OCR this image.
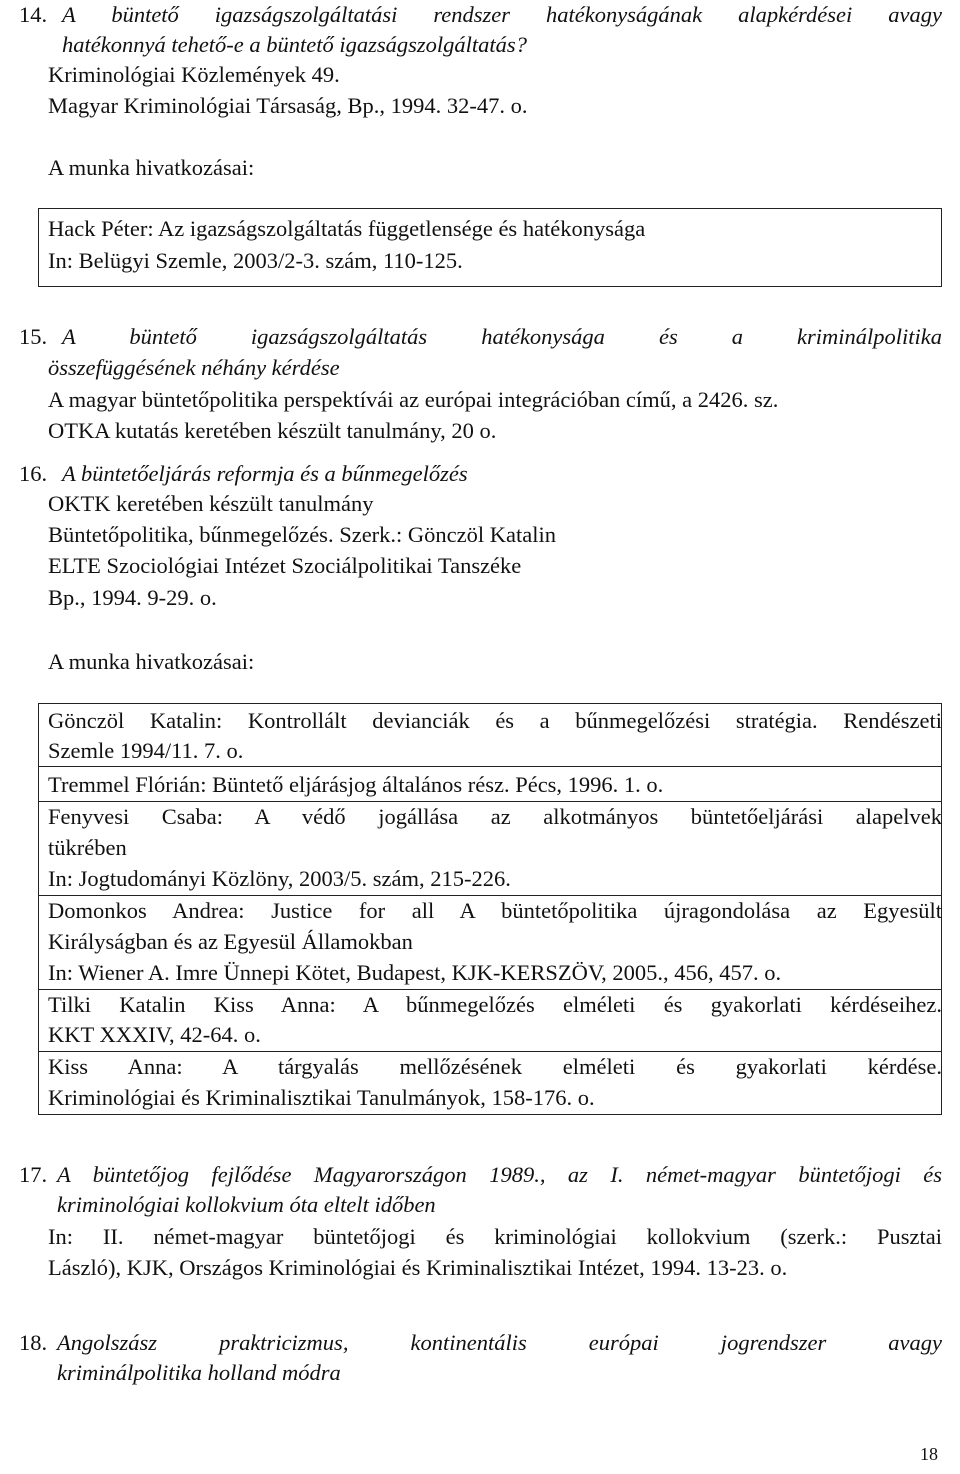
14. A büntető igazságszolgáltatási rendszer hatékonyságának alapkérdései avagy
hatékonnyá tehető-e a büntető igazságszolgáltatás?
Kriminológiai Közlemények 49.
Magyar Kriminológiai Társaság, Bp., 1994. 32-47. o.
A munka hivatkozásai:
Hack Péter: Az igazságszolgáltatás függetlensége és hatékonysága
In: Belügyi Szemle, 2003/2-3. szám, 110-125.
15. A büntető igazságszolgáltatás hatékonysága és a kriminálpolitika
összefüggésének néhány kérdése
A magyar büntetőpolitika perspektívái az európai integrációban című, a 2426. sz.
OTKA kutatás keretében készült tanulmány, 20 o.
16. A büntetőeljárás reformja és a bűnmegelőzés
OKTK keretében készült tanulmány
Büntetőpolitika, bűnmegelőzés. Szerk.: Gönczöl Katalin
ELTE Szociológiai Intézet Szociálpolitikai Tanszéke
Bp., 1994. 9-29. o.
A munka hivatkozásai:
Gönczöl Katalin: Kontrollált devianciák és a bűnmegelőzési stratégia. Rendészeti
Szemle 1994/11. 7. o.
Tremmel Flórián: Büntető eljárásjog általános rész. Pécs, 1996. 1. o.
Fenyvesi Csaba: A védő jogállása az alkotmányos büntetőeljárási alapelvek
tükrében
In: Jogtudományi Közlöny, 2003/5. szám, 215-226.
Domonkos Andrea: Justice for all A büntetőpolitika újragondolása az Egyesült
Királyságban és az Egyesül Államokban
In: Wiener A. Imre Ünnepi Kötet, Budapest, KJK-KERSZÖV, 2005., 456, 457. o.
Tilki Katalin Kiss Anna: A bűnmegelőzés elméleti és gyakorlati kérdéseihez.
KKT XXXIV, 42-64. o.
Kiss Anna: A tárgyalás mellőzésének elméleti és gyakorlati kérdése.
Kriminológiai és Kriminalisztikai Tanulmányok, 158-176. o.
17. A büntetőjog fejlődése Magyarországon 1989., az I. német-magyar büntetőjogi és
kriminológiai kollokvium óta eltelt időben
In: II. német-magyar büntetőjogi és kriminológiai kollokvium (szerk.: Pusztai
László), KJK, Országos Kriminológiai és Kriminalisztikai Intézet, 1994. 13-23. o.
18. Angolszász praktricizmus, kontinentális európai jogrendszer avagy
kriminálpolitika holland módra
18
